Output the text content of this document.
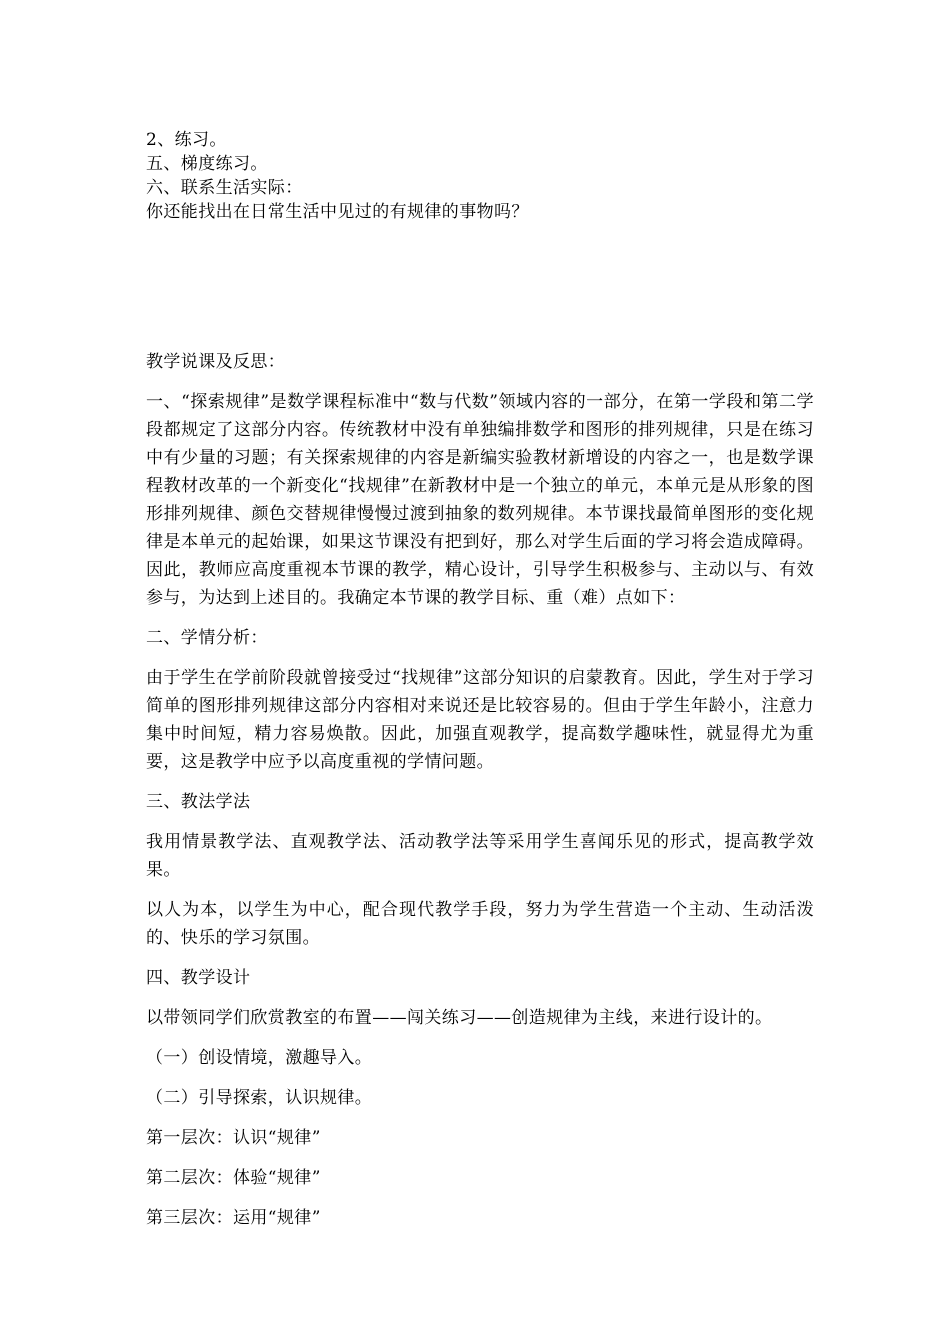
2、练习。

五、梯度练习。

六、联系生活实际：

你还能找出在日常生活中见过的有规律的事物吗？

教学说课及反思：

一、“探索规律”是数学课程标准中“数与代数”领域内容的一部分，在第一学段和第二学段都规定了这部分内容。传统教材中没有单独编排数学和图形的排列规律，只是在练习中有少量的习题；有关探索规律的内容是新编实验教材新增设的内容之一，也是数学课程教材改革的一个新变化“找规律”在新教材中是一个独立的单元，本单元是从形象的图形排列规律、颜色交替规律慢慢过渡到抽象的数列规律。本节课找最简单图形的变化规律是本单元的起始课，如果这节课没有把到好，那么对学生后面的学习将会造成障碍。因此，教师应高度重视本节课的教学，精心设计，引导学生积极参与、主动以与、有效参与，为达到上述目的。我确定本节课的教学目标、重（难）点如下：

二、学情分析：

由于学生在学前阶段就曾接受过“找规律”这部分知识的启蒙教育。因此，学生对于学习简单的图形排列规律这部分内容相对来说还是比较容易的。但由于学生年龄小，注意力集中时间短，精力容易焕散。因此，加强直观教学，提高数学趣味性，就显得尤为重要，这是教学中应予以高度重视的学情问题。

三、教法学法

我用情景教学法、直观教学法、活动教学法等采用学生喜闻乐见的形式，提高教学效果。

以人为本，以学生为中心，配合现代教学手段，努力为学生营造一个主动、生动活泼的、快乐的学习氛围。

四、教学设计

以带领同学们欣赏教室的布置——闯关练习——创造规律为主线，来进行设计的。

（一）创设情境，激趣导入。

（二）引导探索，认识规律。

第一层次：认识“规律”

第二层次：体验“规律”

第三层次：运用“规律”
